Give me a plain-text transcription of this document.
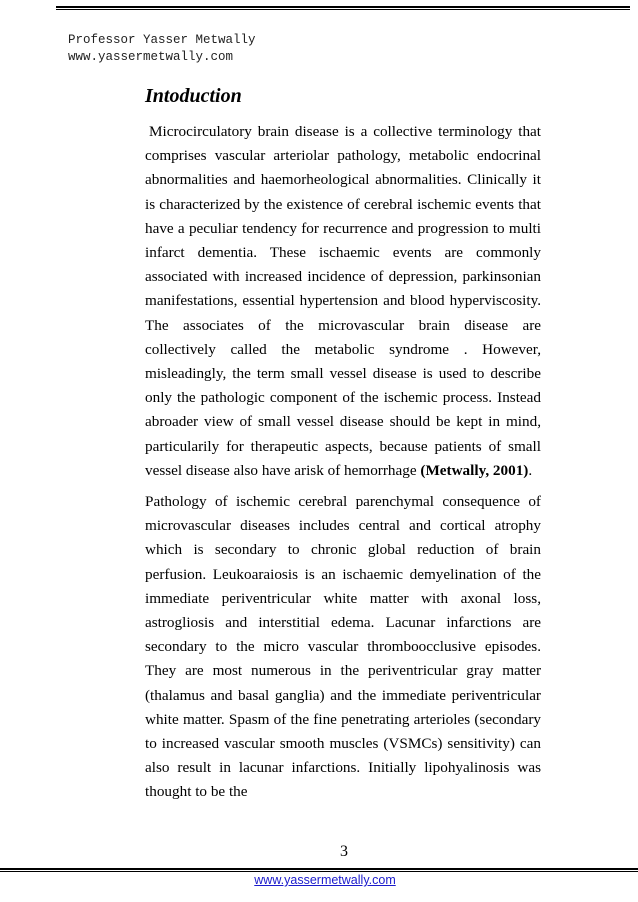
Professor Yasser Metwally
www.yassermetwally.com
Intoduction

Microcirculatory brain disease is a collective terminology that comprises vascular arteriolar pathology, metabolic endocrinal abnormalities and haemorheological abnormalities. Clinically it is characterized by the existence of cerebral ischemic events that have a peculiar tendency for recurrence and progression to multi infarct dementia. These ischaemic events are commonly associated with increased incidence of depression, parkinsonian manifestations, essential hypertension and blood hyperviscosity. The associates of the microvascular brain disease are collectively called the metabolic syndrome . However, misleadingly, the term small vessel disease is used to describe only the pathologic component of the ischemic process. Instead abroader view of small vessel disease should be kept in mind, particularily for therapeutic aspects, because patients of small vessel disease also have arisk of hemorrhage (Metwally, 2001).

Pathology of ischemic cerebral parenchymal consequence of microvascular diseases includes central and cortical atrophy which is secondary to chronic global reduction of brain perfusion. Leukoaraiosis is an ischaemic demyelination of the immediate periventricular white matter with axonal loss, astrogliosis and interstitial edema. Lacunar infarctions are secondary to the micro vascular thromboocclusive episodes. They are most numerous in the periventricular gray matter (thalamus and basal ganglia) and the immediate periventricular white matter. Spasm of the fine penetrating arterioles (secondary to increased vascular smooth muscles (VSMCs) sensitivity) can also result in lacunar infarctions. Initially lipohyalinosis was thought to be the

3
www.yassermetwally.com
